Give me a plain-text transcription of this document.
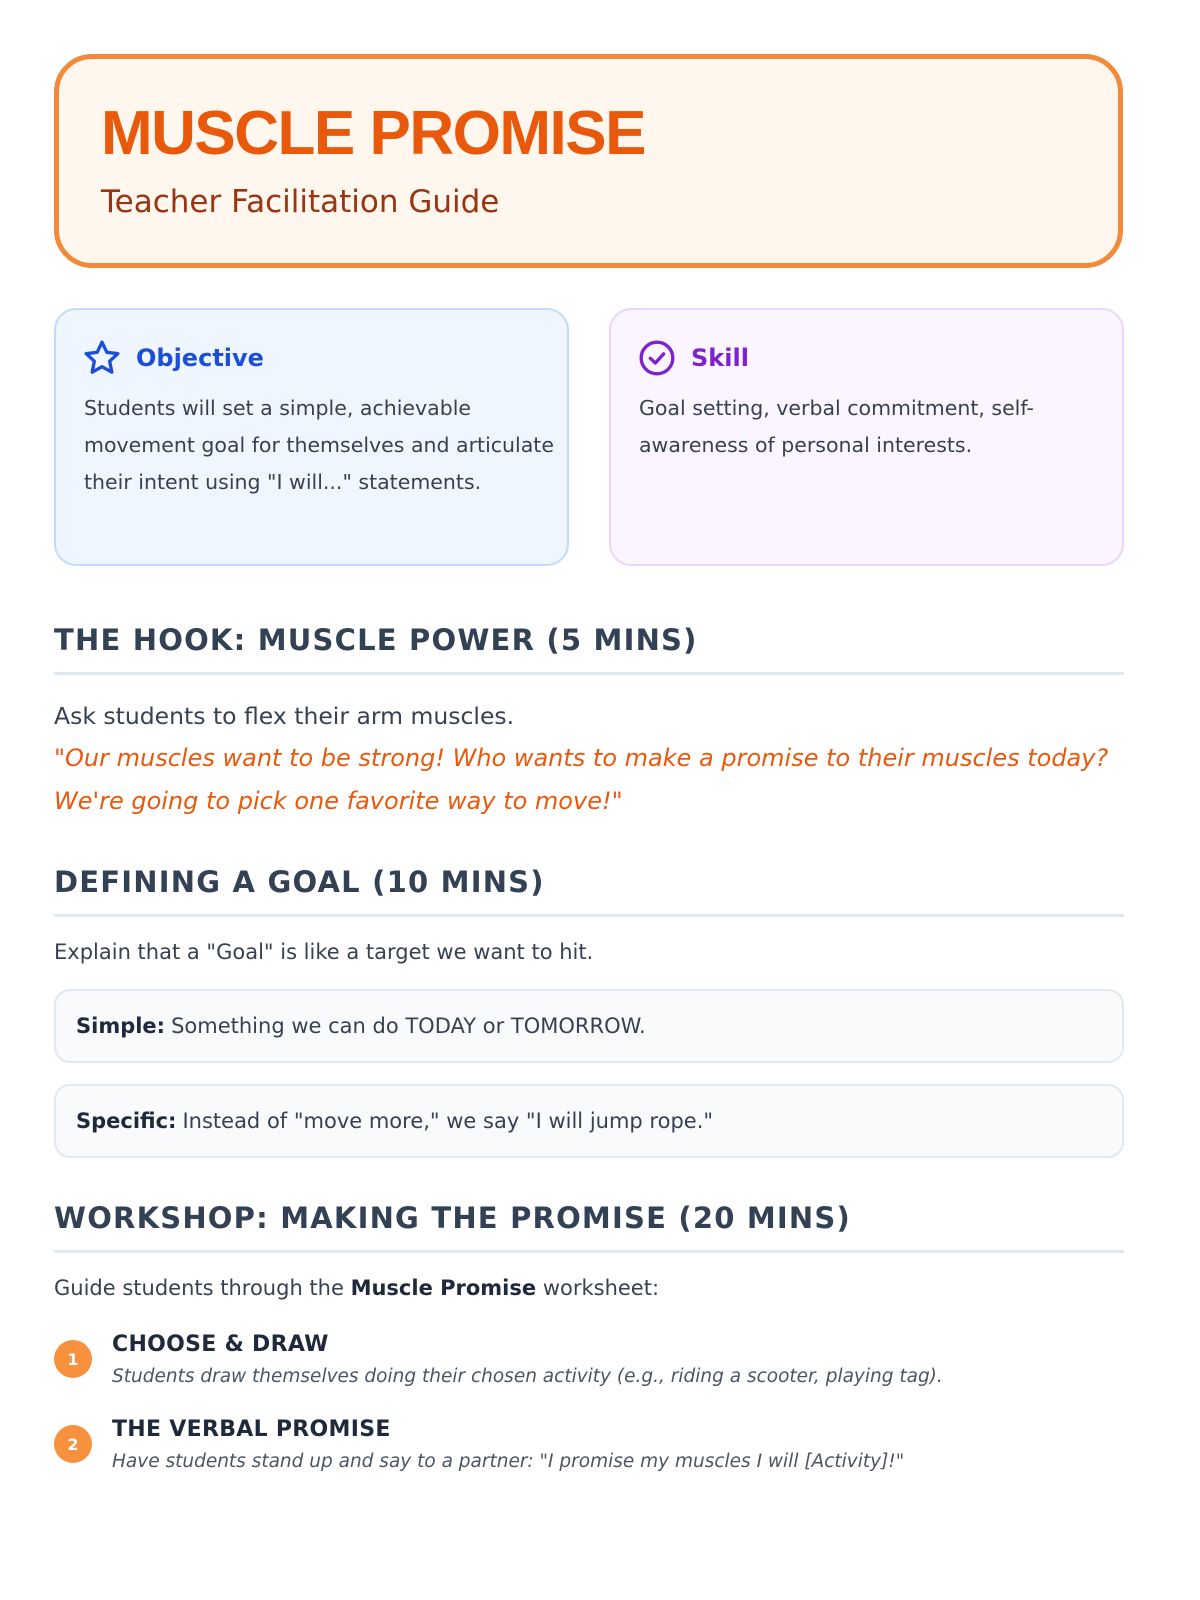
MUSCLE PROMISE
Teacher Facilitation Guide
Objective
Students will set a simple, achievable movement goal for themselves and articulate their intent using "I will..." statements.
Skill
Goal setting, verbal commitment, self-awareness of personal interests.
THE HOOK: MUSCLE POWER (5 MINS)
Ask students to flex their arm muscles.
"Our muscles want to be strong! Who wants to make a promise to their muscles today? We're going to pick one favorite way to move!"
DEFINING A GOAL (10 MINS)
Explain that a "Goal" is like a target we want to hit.
Simple: Something we can do TODAY or TOMORROW.
Specific: Instead of "move more," we say "I will jump rope."
WORKSHOP: MAKING THE PROMISE (20 MINS)
Guide students through the Muscle Promise worksheet:
1
CHOOSE & DRAW
Students draw themselves doing their chosen activity (e.g., riding a scooter, playing tag).
2
THE VERBAL PROMISE
Have students stand up and say to a partner: "I promise my muscles I will [Activity]!"
